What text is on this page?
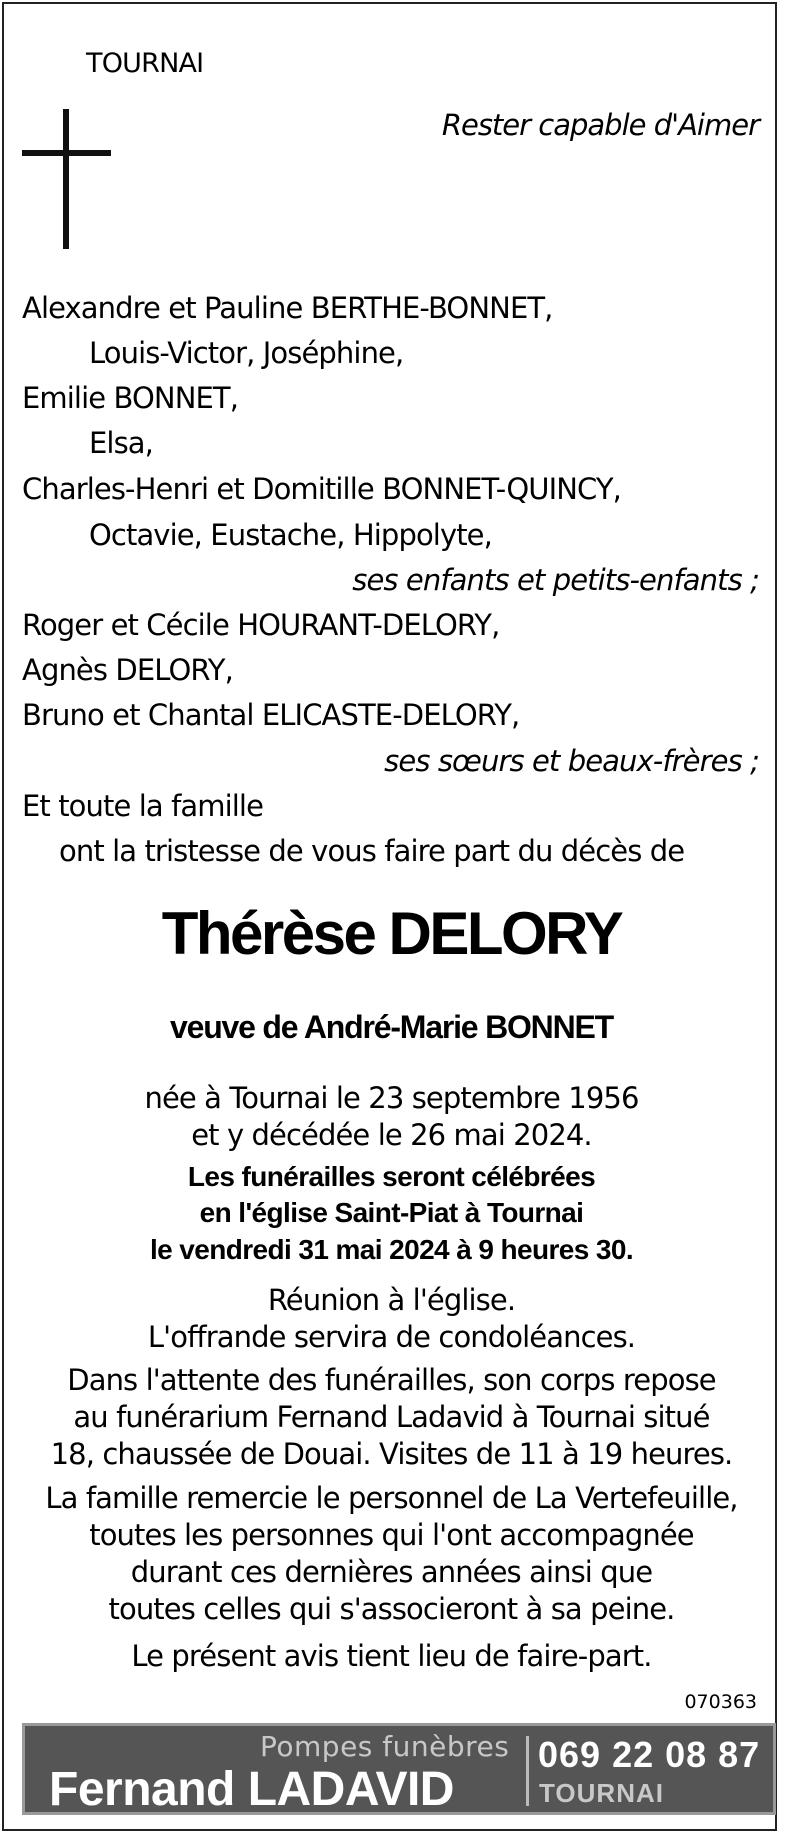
TOURNAI
Rester capable d'Aimer
Alexandre et Pauline BERTHE-BONNET,
Louis-Victor, Joséphine,
Emilie BONNET,
Elsa,
Charles-Henri et Domitille BONNET-QUINCY,
Octavie, Eustache, Hippolyte,
ses enfants et petits-enfants ;
Roger et Cécile HOURANT-DELORY,
Agnès DELORY,
Bruno et Chantal ELICASTE-DELORY,
ses sœurs et beaux-frères ;
Et toute la famille
ont la tristesse de vous faire part du décès de
Thérèse DELORY
veuve de André-Marie BONNET
née à Tournai le 23 septembre 1956
et y décédée le 26 mai 2024.
Les funérailles seront célébrées
en l'église Saint-Piat à Tournai
le vendredi 31 mai 2024 à 9 heures 30.
Réunion à l'église.
L'offrande servira de condoléances.
Dans l'attente des funérailles, son corps repose
au funérarium Fernand Ladavid à Tournai situé
18, chaussée de Douai. Visites de 11 à 19 heures.
La famille remercie le personnel de La Vertefeuille,
toutes les personnes qui l'ont accompagnée
durant ces dernières années ainsi que
toutes celles qui s'associeront à sa peine.
Le présent avis tient lieu de faire-part.
070363
Pompes funèbres
Fernand LADAVID
069 22 08 87
TOURNAI
